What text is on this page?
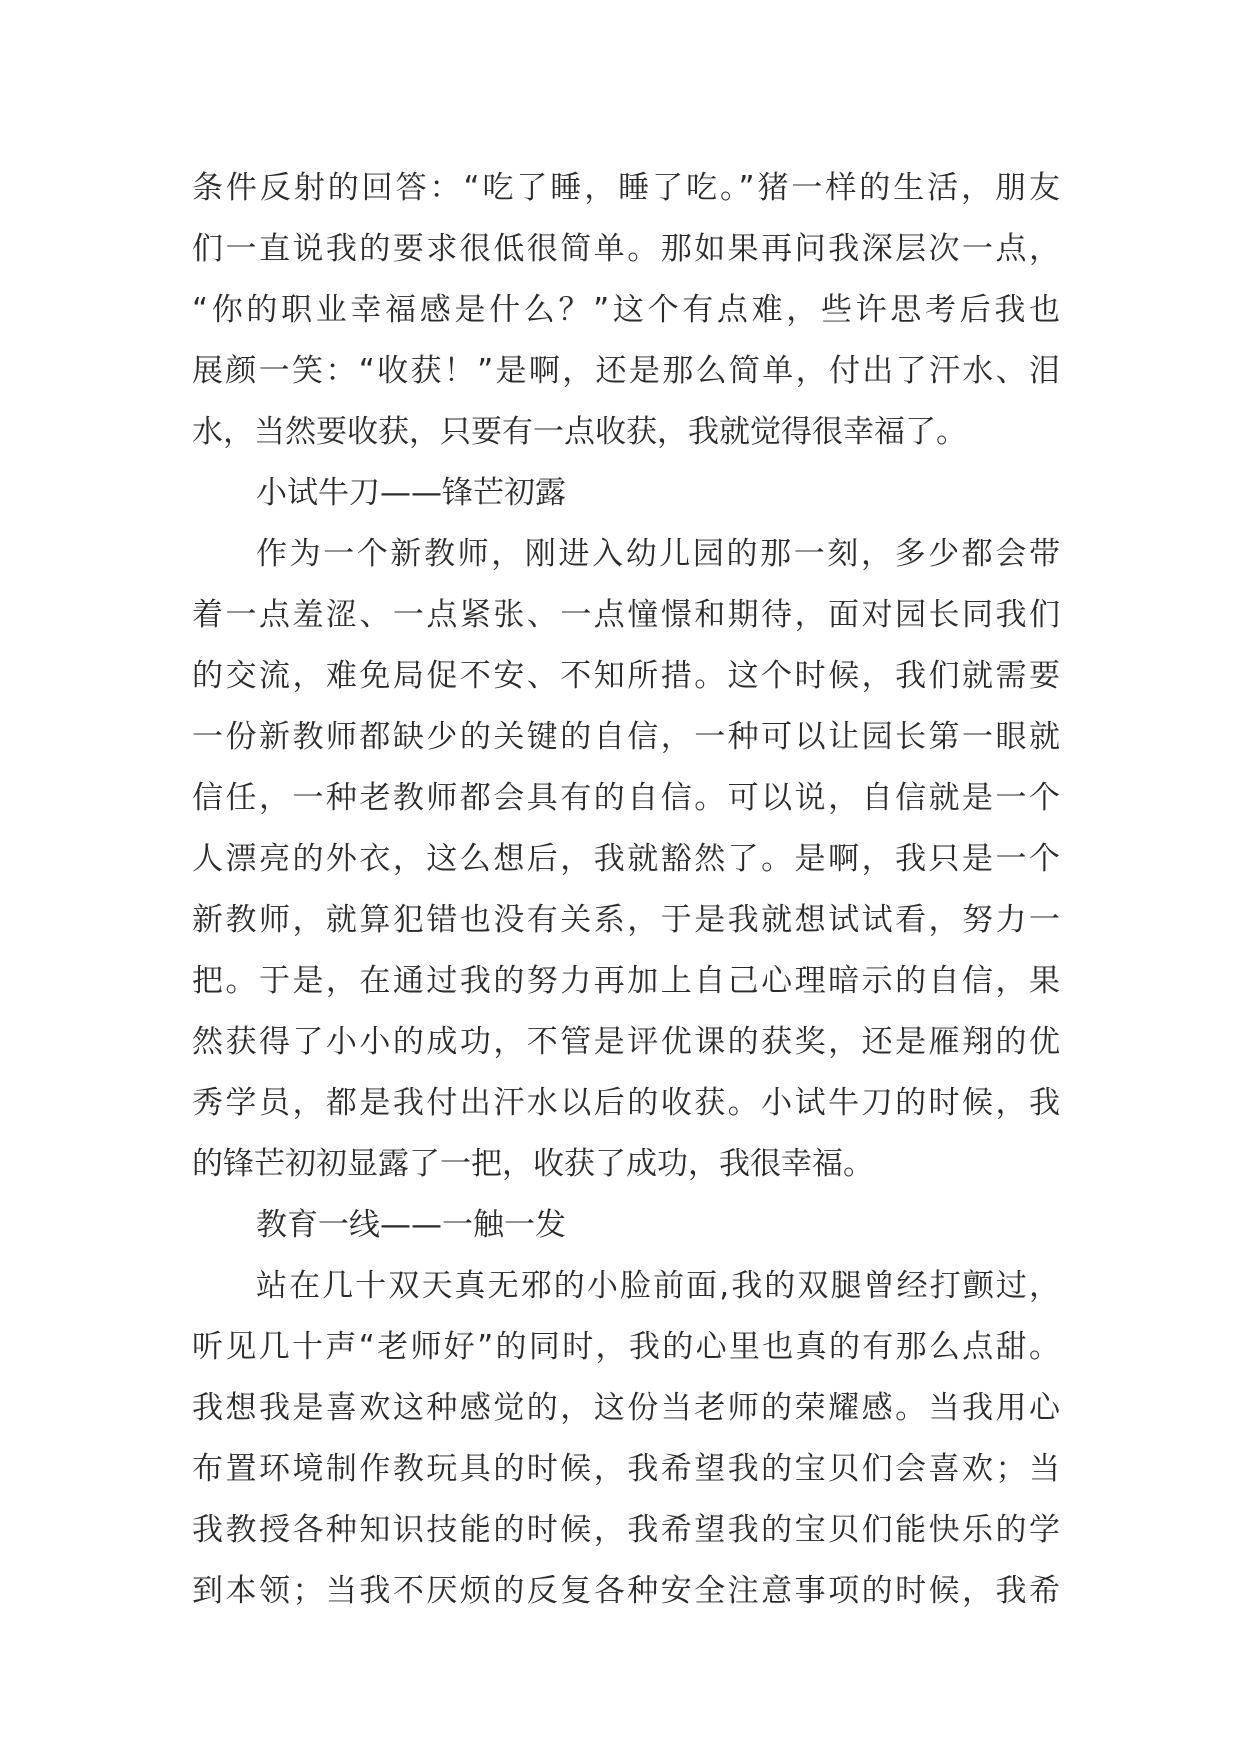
条件反射的回答：“吃了睡，睡了吃。”猪一样的生活，朋友
们一直说我的要求很低很简单。那如果再问我深层次一点，
“你的职业幸福感是什么？”这个有点难，些许思考后我也
展颜一笑：“收获！”是啊，还是那么简单，付出了汗水、泪
水，当然要收获，只要有一点收获，我就觉得很幸福了。
小试牛刀——锋芒初露
作为一个新教师，刚进入幼儿园的那一刻，多少都会带
着一点羞涩、一点紧张、一点憧憬和期待，面对园长同我们
的交流，难免局促不安、不知所措。这个时候，我们就需要
一份新教师都缺少的关键的自信，一种可以让园长第一眼就
信任，一种老教师都会具有的自信。可以说，自信就是一个
人漂亮的外衣，这么想后，我就豁然了。是啊，我只是一个
新教师，就算犯错也没有关系，于是我就想试试看，努力一
把。于是，在通过我的努力再加上自己心理暗示的自信，果
然获得了小小的成功，不管是评优课的获奖，还是雁翔的优
秀学员，都是我付出汗水以后的收获。小试牛刀的时候，我
的锋芒初初显露了一把，收获了成功，我很幸福。
教育一线——一触一发
站在几十双天真无邪的小脸前面,我的双腿曾经打颤过，
听见几十声“老师好”的同时，我的心里也真的有那么点甜。
我想我是喜欢这种感觉的，这份当老师的荣耀感。当我用心
布置环境制作教玩具的时候，我希望我的宝贝们会喜欢；当
我教授各种知识技能的时候，我希望我的宝贝们能快乐的学
到本领；当我不厌烦的反复各种安全注意事项的时候，我希
